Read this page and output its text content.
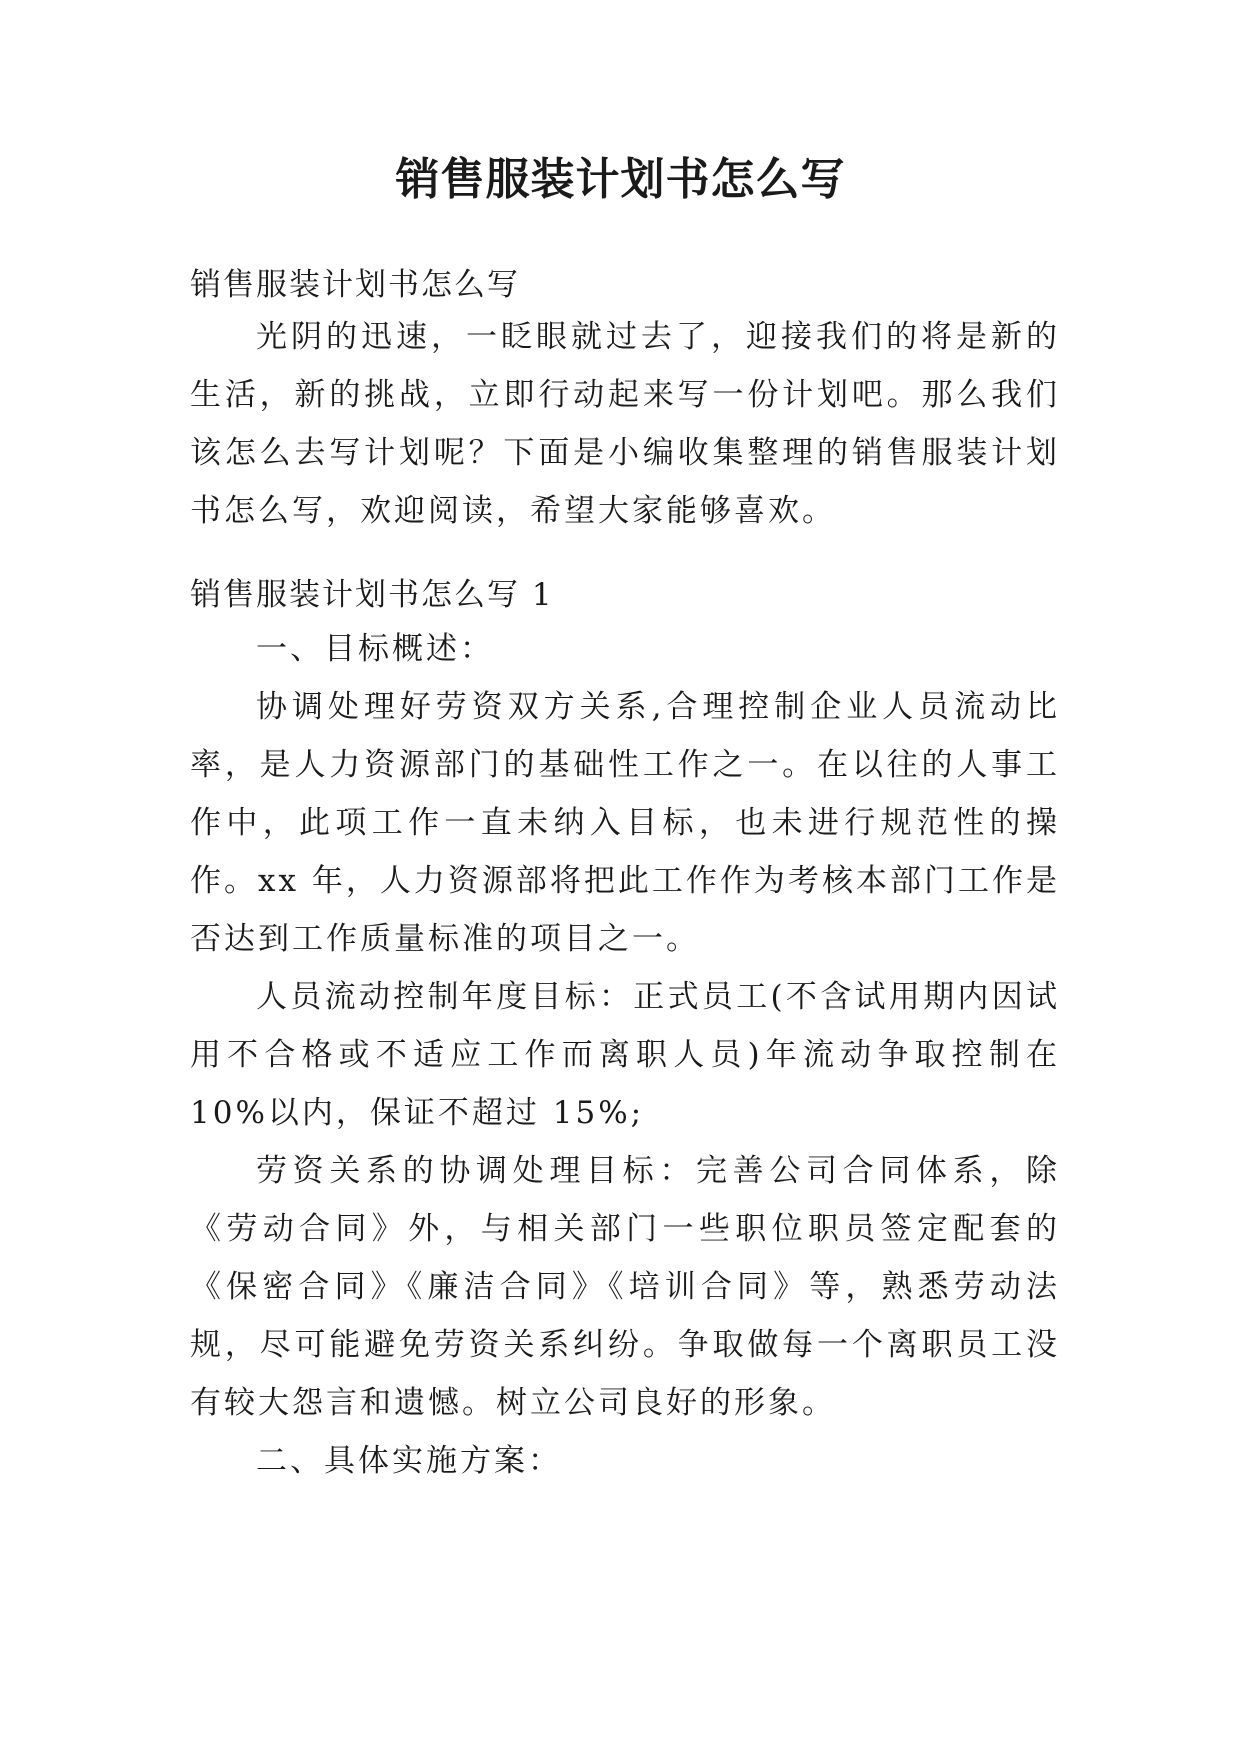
销售服装计划书怎么写
销售服装计划书怎么写

光阴的迅速，一眨眼就过去了，迎接我们的将是新的生活，新的挑战，立即行动起来写一份计划吧。那么我们该怎么去写计划呢？下面是小编收集整理的销售服装计划书怎么写，欢迎阅读，希望大家能够喜欢。

销售服装计划书怎么写 1

一、目标概述：

协调处理好劳资双方关系,合理控制企业人员流动比率，是人力资源部门的基础性工作之一。在以往的人事工作中，此项工作一直未纳入目标，也未进行规范性的操作。xx 年，人力资源部将把此工作作为考核本部门工作是否达到工作质量标准的项目之一。

人员流动控制年度目标：正式员工(不含试用期内因试用不合格或不适应工作而离职人员)年流动争取控制在 10%以内，保证不超过 15%;

劳资关系的协调处理目标：完善公司合同体系，除《劳动合同》外，与相关部门一些职位职员签定配套的《保密合同》《廉洁合同》《培训合同》等，熟悉劳动法规，尽可能避免劳资关系纠纷。争取做每一个离职员工没有较大怨言和遗憾。树立公司良好的形象。

二、具体实施方案：
